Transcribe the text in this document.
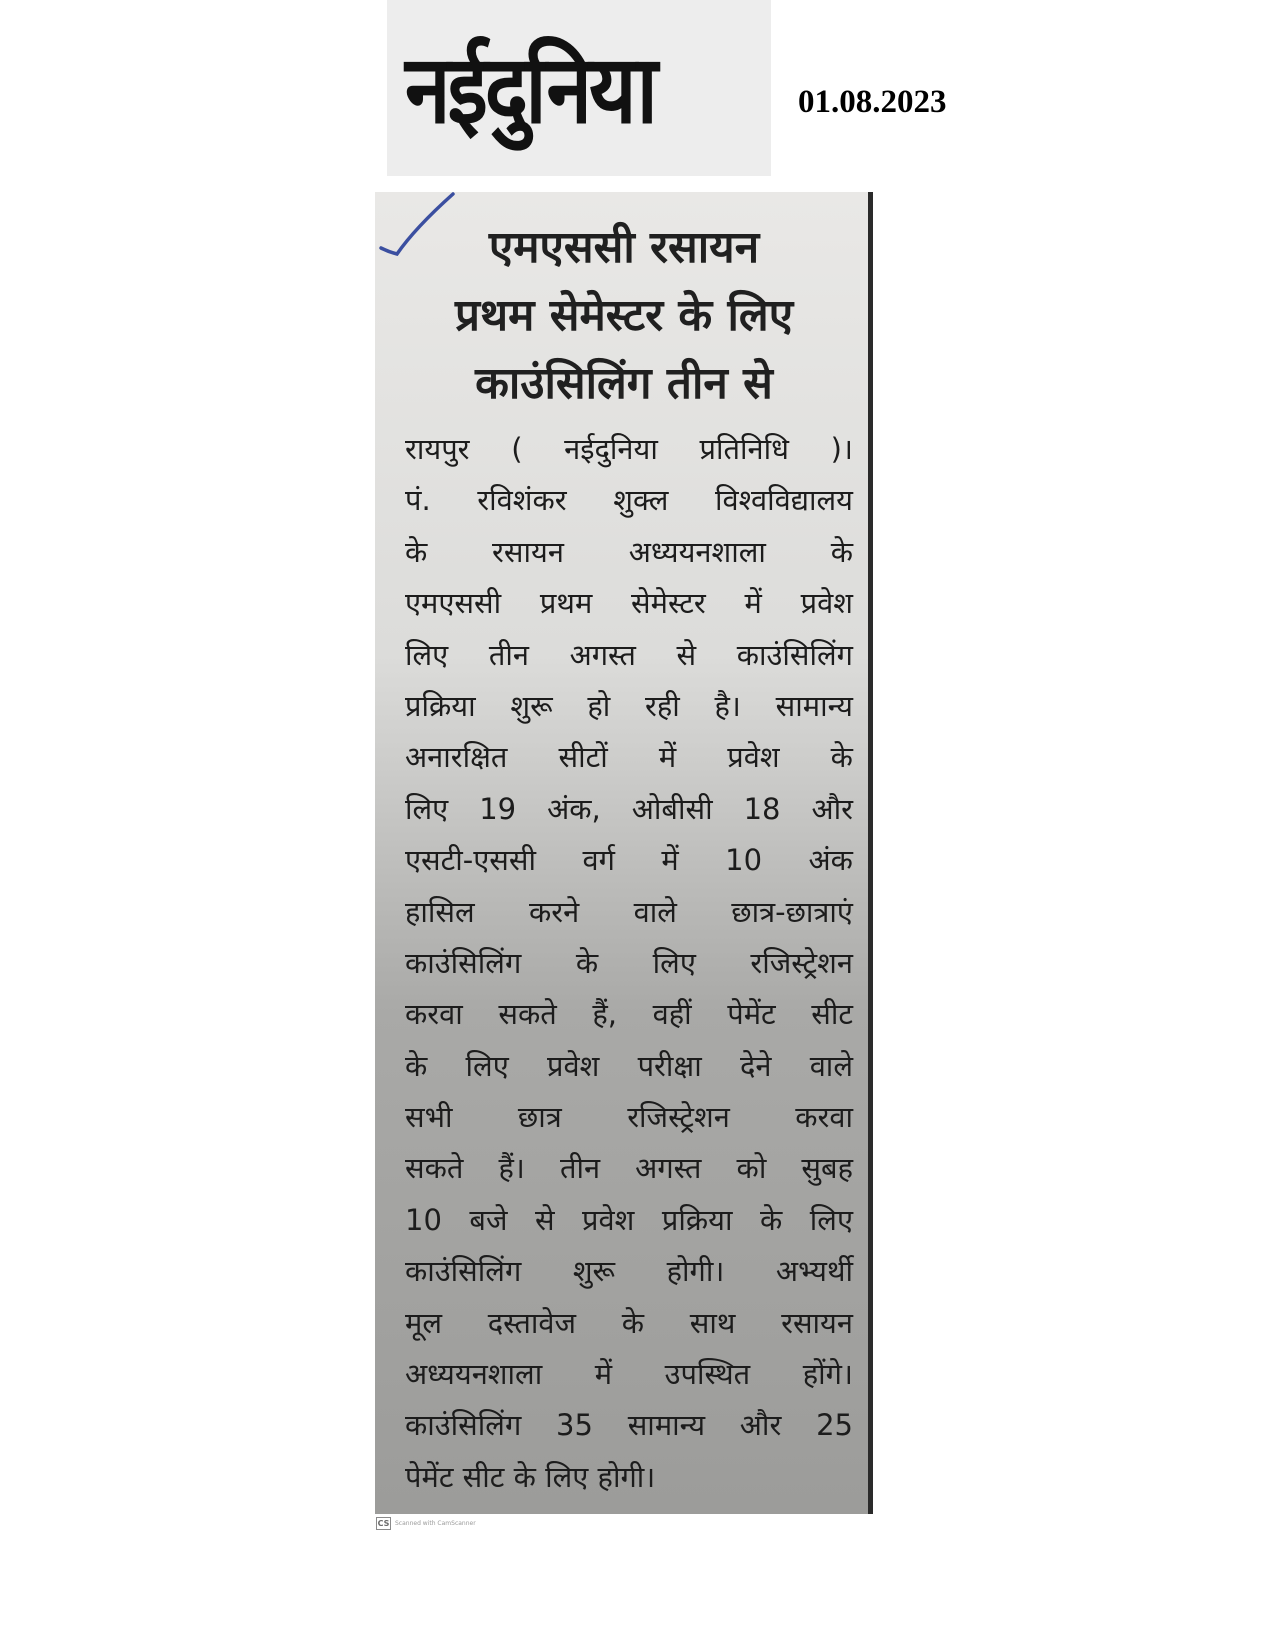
नईदुनिया	01.08.2023
एमएससी रसायन
प्रथम सेमेस्टर के लिए
काउंसिलिंग तीन से
रायपुर ( नईदुनिया प्रतिनिधि )।
पं. रविशंकर शुक्ल विश्वविद्यालय
के रसायन अध्ययनशाला के
एमएससी प्रथम सेमेस्टर में प्रवेश
लिए तीन अगस्त से काउंसिलिंग
प्रक्रिया शुरू हो रही है। सामान्य
अनारक्षित सीटों में प्रवेश के
लिए 19 अंक, ओबीसी 18 और
एसटी-एससी वर्ग में 10 अंक
हासिल करने वाले छात्र-छात्राएं
काउंसिलिंग के लिए रजिस्ट्रेशन
करवा सकते हैं, वहीं पेमेंट सीट
के लिए प्रवेश परीक्षा देने वाले
सभी छात्र रजिस्ट्रेशन करवा
सकते हैं। तीन अगस्त को सुबह
10 बजे से प्रवेश प्रक्रिया के लिए
काउंसिलिंग शुरू होगी। अभ्यर्थी
मूल दस्तावेज के साथ रसायन
अध्ययनशाला में उपस्थित होंगे।
काउंसिलिंग 35 सामान्य और 25
पेमेंट सीट के लिए होगी।
CS Scanned with CamScanner
